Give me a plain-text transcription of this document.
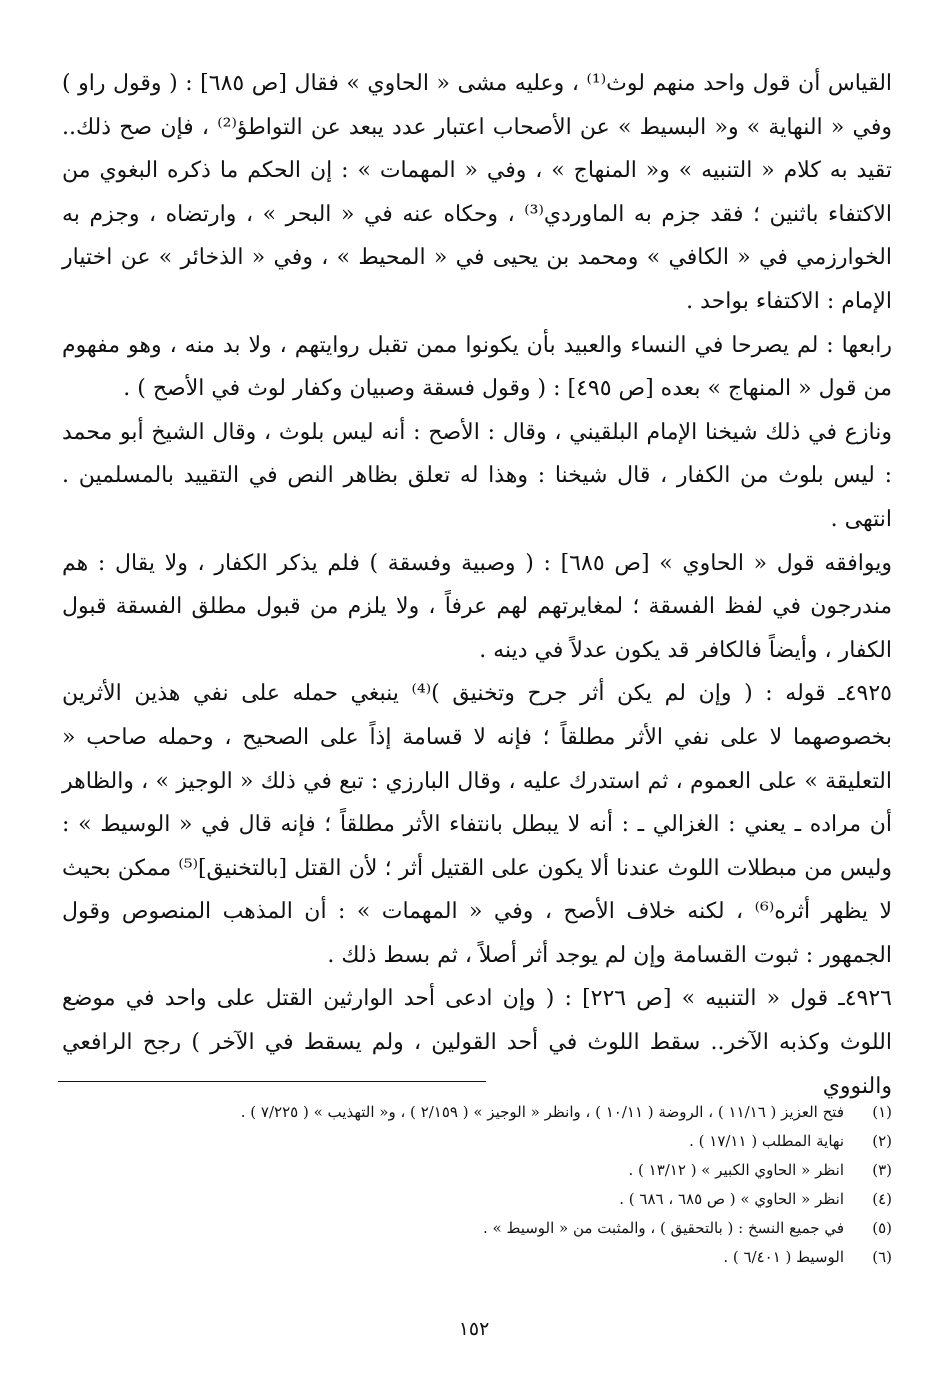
القياس أن قول واحد منهم لوث⁽¹⁾ ، وعليه مشى « الحاوي » فقال [ص ٦٨٥] : ( وقول راو ) وفي « النهاية » و« البسيط » عن الأصحاب اعتبار عدد يبعد عن التواطؤ⁽²⁾ ، فإن صح ذلك.. تقيد به كلام « التنبيه » و« المنهاج » ، وفي « المهمات » : إن الحكم ما ذكره البغوي من الاكتفاء باثنين ؛ فقد جزم به الماوردي⁽³⁾ ، وحكاه عنه في « البحر » ، وارتضاه ، وجزم به الخوارزمي في « الكافي » ومحمد بن يحيى في « المحيط » ، وفي « الذخائر » عن اختيار الإمام : الاكتفاء بواحد .

رابعها : لم يصرحا في النساء والعبيد بأن يكونوا ممن تقبل روايتهم ، ولا بد منه ، وهو مفهوم من قول « المنهاج » بعده [ص ٤٩٥] : ( وقول فسقة وصبيان وكفار لوث في الأصح ) .

ونازع في ذلك شيخنا الإمام البلقيني ، وقال : الأصح : أنه ليس بلوث ، وقال الشيخ أبو محمد : ليس بلوث من الكفار ، قال شيخنا : وهذا له تعلق بظاهر النص في التقييد بالمسلمين . انتهى .

ويوافقه قول « الحاوي » [ص ٦٨٥] : ( وصبية وفسقة ) فلم يذكر الكفار ، ولا يقال : هم مندرجون في لفظ الفسقة ؛ لمغايرتهم لهم عرفاً ، ولا يلزم من قبول مطلق الفسقة قبول الكفار ، وأيضاً فالكافر قد يكون عدلاً في دينه .

٤٩٢٥ـ قوله : ( وإن لم يكن أثر جرح وتخنيق )⁽⁴⁾ ينبغي حمله على نفي هذين الأثرين بخصوصهما لا على نفي الأثر مطلقاً ؛ فإنه لا قسامة إذاً على الصحيح ، وحمله صاحب « التعليقة » على العموم ، ثم استدرك عليه ، وقال البارزي : تبع في ذلك « الوجيز » ، والظاهر أن مراده ـ يعني : الغزالي ـ : أنه لا يبطل بانتفاء الأثر مطلقاً ؛ فإنه قال في « الوسيط » : وليس من مبطلات اللوث عندنا ألا يكون على القتيل أثر ؛ لأن القتل [بالتخنيق]⁽⁵⁾ ممكن بحيث لا يظهر أثره⁽⁶⁾ ، لكنه خلاف الأصح ، وفي « المهمات » : أن المذهب المنصوص وقول الجمهور : ثبوت القسامة وإن لم يوجد أثر أصلاً ، ثم بسط ذلك .

٤٩٢٦ـ قول « التنبيه » [ص ٢٢٦] : ( وإن ادعى أحد الوارثين القتل على واحد في موضع اللوث وكذبه الآخر.. سقط اللوث في أحد القولين ، ولم يسقط في الآخر ) رجح الرافعي والنووي

(١)
فتح العزيز ( ١١/١٦ ) ، الروضة ( ١٠/١١ ) ، وانظر « الوجيز » ( ٢/١٥٩ ) ، و« التهذيب » ( ٧/٢٢٥ ) .
(٢)
نهاية المطلب ( ١٧/١١ ) .
(٣)
انظر « الحاوي الكبير » ( ١٣/١٢ ) .
(٤)
انظر « الحاوي » ( ص ٦٨٥ ، ٦٨٦ ) .
(٥)
في جميع النسخ : ( بالتحقيق ) ، والمثبت من « الوسيط » .
(٦)
الوسيط ( ٦/٤٠١ ) .
١٥٢
